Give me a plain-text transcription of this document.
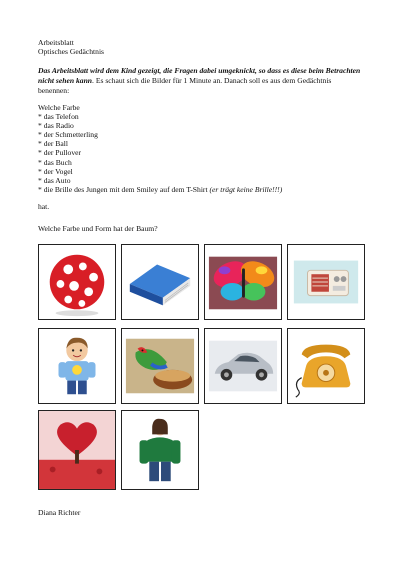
Arbeitsblatt
Optisches Gedächtnis
Das Arbeitsblatt wird dem Kind gezeigt, die Fragen dabei umgeknickt, so dass es diese beim Betrachten nicht sehen kann. Es schaut sich die Bilder für 1 Minute an. Danach soll es aus dem Gedächtnis benennen:
Welche Farbe
* das Telefon
* das Radio
* der Schmetterling
* der Ball
* der Pullover
* das Buch
* der Vogel
* das Auto
* die Brille des Jungen mit dem Smiley auf dem T-Shirt (er trägt keine Brille!!!)
hat.
Welche Farbe und Form hat der Baum?
Diana Richter
